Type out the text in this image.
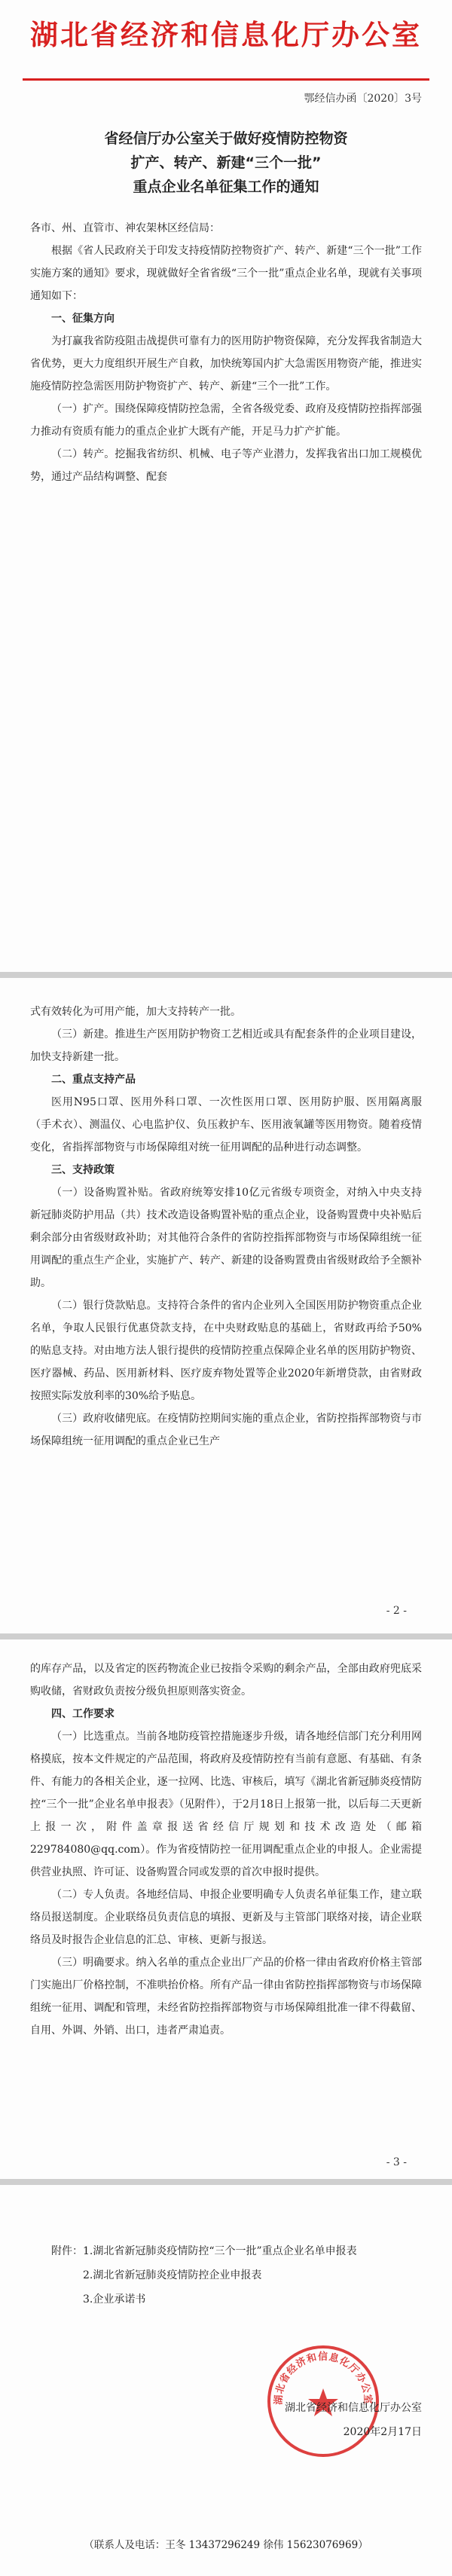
湖北省经济和信息化厅办公室
鄂经信办函〔2020〕3号
省经信厅办公室关于做好疫情防控物资
扩产、转产、新建“三个一批”
重点企业名单征集工作的通知

各市、州、直管市、神农架林区经信局：

根据《省人民政府关于印发支持疫情防控物资扩产、转产、新建“三个一批”工作实施方案的通知》要求，现就做好全省省级“三个一批”重点企业名单，现就有关事项通知如下：

一、征集方向

为打赢我省防疫阻击战提供可靠有力的医用防护物资保障，充分发挥我省制造大省优势，更大力度组织开展生产自救，加快统筹国内扩大急需医用物资产能，推进实施疫情防控急需医用防护物资扩产、转产、新建“三个一批”工作。

（一）扩产。围绕保障疫情防控急需，全省各级党委、政府及疫情防控指挥部强力推动有资质有能力的重点企业扩大既有产能，开足马力扩产扩能。

（二）转产。挖掘我省纺织、机械、电子等产业潜力，发挥我省出口加工规模优势，通过产品结构调整、配套

式有效转化为可用产能，加大支持转产一批。

（三）新建。推进生产医用防护物资工艺相近或具有配套条件的企业项目建设，加快支持新建一批。

二、重点支持产品

医用N95口罩、医用外科口罩、一次性医用口罩、医用防护服、医用隔离服（手术衣）、测温仪、心电监护仪、负压救护车、医用液氧罐等医用物资。随着疫情变化，省指挥部物资与市场保障组对统一征用调配的品种进行动态调整。

三、支持政策

（一）设备购置补贴。省政府统筹安排10亿元省级专项资金，对纳入中央支持新冠肺炎防护用品（共）技术改造设备购置补贴的重点企业，设备购置费中央补贴后剩余部分由省级财政补助；对其他符合条件的省防控指挥部物资与市场保障组统一征用调配的重点生产企业，实施扩产、转产、新建的设备购置费由省级财政给予全额补助。

（二）银行贷款贴息。支持符合条件的省内企业列入全国医用防护物资重点企业名单，争取人民银行优惠贷款支持，在中央财政贴息的基础上，省财政再给予50%的贴息支持。对由地方法人银行提供的疫情防控重点保障企业名单的医用防护物资、医疗器械、药品、医用新材料、医疗废弃物处置等企业2020年新增贷款，由省财政按照实际发放利率的30%给予贴息。

（三）政府收储兜底。在疫情防控期间实施的重点企业，省防控指挥部物资与市场保障组统一征用调配的重点企业已生产

- 2 -

的库存产品，以及省定的医药物流企业已按指令采购的剩余产品，全部由政府兜底采购收储，省财政负责按分级负担原则落实资金。

四、工作要求

（一）比选重点。当前各地防疫管控措施逐步升级，请各地经信部门充分利用网格摸底，按本文件规定的产品范围，将政府及疫情防控有当前有意愿、有基础、有条件、有能力的各相关企业，逐一拉网、比选、审核后，填写《湖北省新冠肺炎疫情防控“三个一批”企业名单申报表》（见附件），于2月18日上报第一批，以后每二天更新上报一次，附件盖章报送省经信厅规划和技术改造处（邮箱229784080@qq.com）。作为省疫情防控一征用调配重点企业的申报人。企业需提供营业执照、许可证、设备购置合同或发票的首次申报时提供。

（二）专人负责。各地经信局、申报企业要明确专人负责名单征集工作，建立联络员报送制度。企业联络员负责信息的填报、更新及与主管部门联络对接，请企业联络员及时报告企业信息的汇总、审核、更新与报送。

（三）明确要求。纳入名单的重点企业出厂产品的价格一律由省政府价格主管部门实施出厂价格控制，不准哄抬价格。所有产品一律由省防控指挥部物资与市场保障组统一征用、调配和管理，未经省防控指挥部物资与市场保障组批准一律不得截留、自用、外调、外销、出口，违者严肃追责。

- 3 -

附件：1.湖北省新冠肺炎疫情防控“三个一批”重点企业名单申报表

2.湖北省新冠肺炎疫情防控企业申报表

3.企业承诺书

湖北省经济和信息化厅办公室

湖北省经济和信息化厅办公室

2020年2月17日

（联系人及电话：王冬 13437296249 徐伟 15623076969）
